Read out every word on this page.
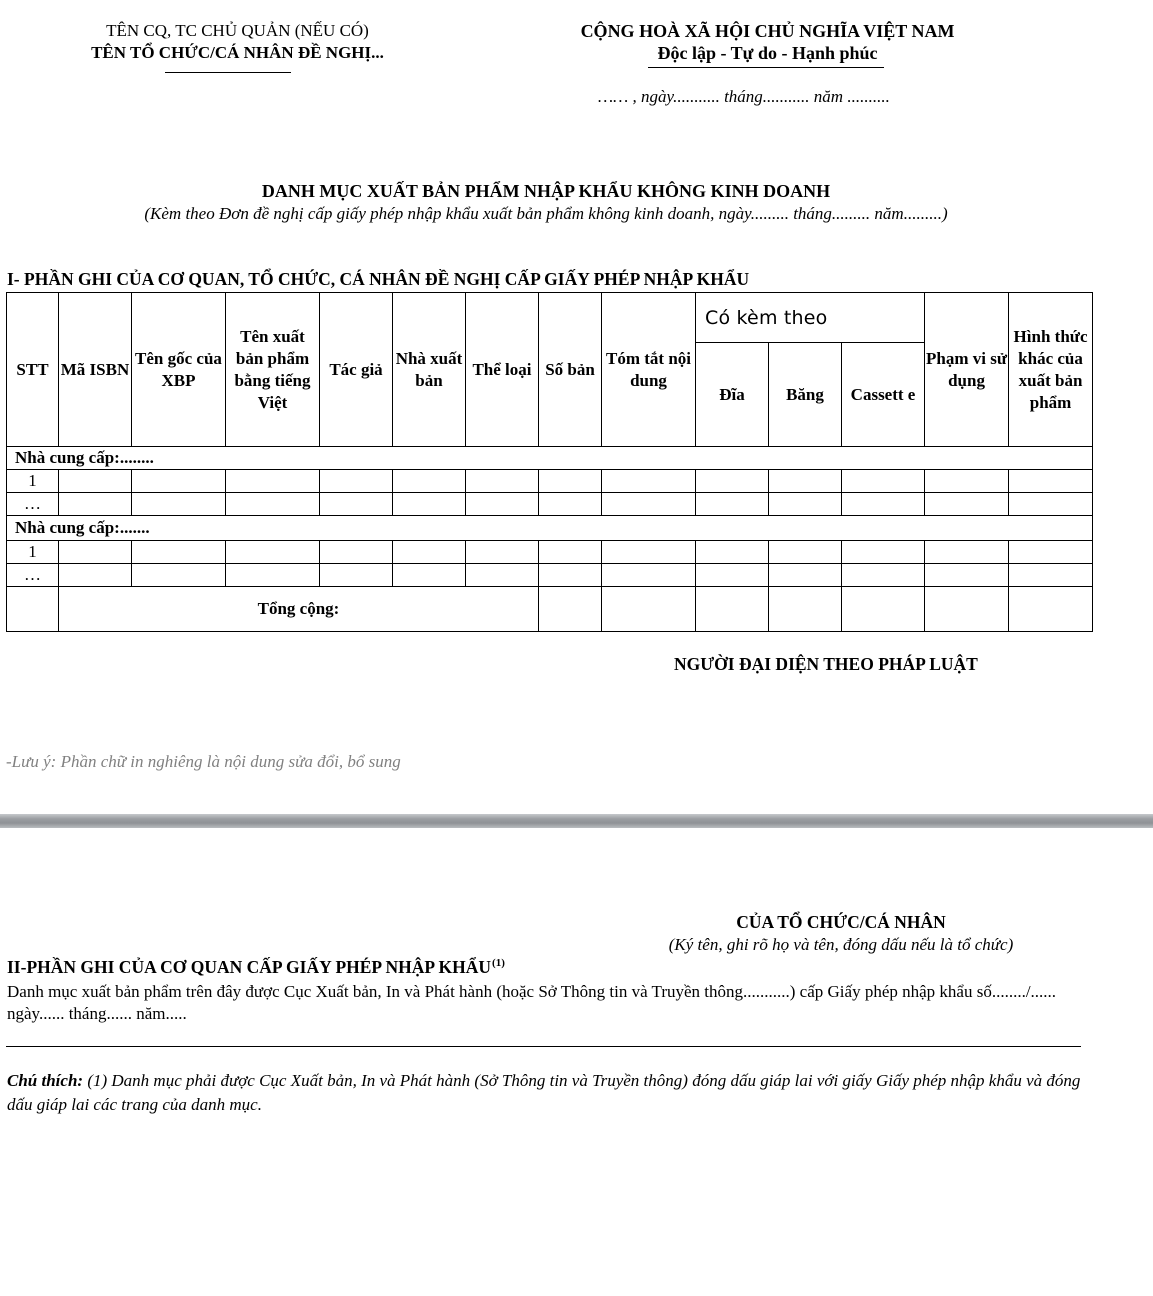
TÊN CQ, TC CHỦ QUẢN (NẾU CÓ)
TÊN TỔ CHỨC/CÁ NHÂN ĐỀ NGHỊ...
CỘNG HOÀ XÃ HỘI CHỦ NGHĨA VIỆT NAM
Độc lập - Tự do - Hạnh phúc
…… , ngày........... tháng........... năm ..........
DANH MỤC XUẤT BẢN PHẨM NHẬP KHẨU KHÔNG KINH DOANH
(Kèm theo Đơn đề nghị cấp giấy phép nhập khẩu xuất bản phẩm không kinh doanh, ngày......... tháng......... năm.........)
I- PHẦN GHI CỦA CƠ QUAN, TỔ CHỨC, CÁ NHÂN ĐỀ NGHỊ CẤP GIẤY PHÉP NHẬP KHẨU
STT	Mã ISBN	Tên gốc của XBP	Tên xuất bản phẩm bằng tiếng Việt	Tác giả	Nhà xuất bản	Thể loại	Số bản	Tóm tắt nội dung	Có kèm theo			Phạm vi sử dụng	Hình thức khác của xuất bản phẩm
									Đĩa	Băng	Cassett e		
Nhà cung cấp:........													
1													
…													
Nhà cung cấp:.......													
1													
…													
	Tổng cộng:												
NGƯỜI ĐẠI DIỆN THEO PHÁP LUẬT
-Lưu ý: Phần chữ in nghiêng là nội dung sửa đổi, bổ sung
CỦA TỔ CHỨC/CÁ NHÂN
(Ký tên, ghi rõ họ và tên, đóng dấu nếu là tổ chức)
II-PHẦN GHI CỦA CƠ QUAN CẤP GIẤY PHÉP NHẬP KHẨU$^{(1)}$
Danh mục xuất bản phẩm trên đây được Cục Xuất bản, In và Phát hành (hoặc Sở Thông tin và Truyền thông...........) cấp Giấy phép nhập khẩu số......../...... ngày...... tháng...... năm.....
Chú thích: (1) Danh mục phải được Cục Xuất bản, In và Phát hành (Sở Thông tin và Truyền thông) đóng dấu giáp lai với giấy Giấy phép nhập khẩu và đóng dấu giáp lai các trang của danh mục.
